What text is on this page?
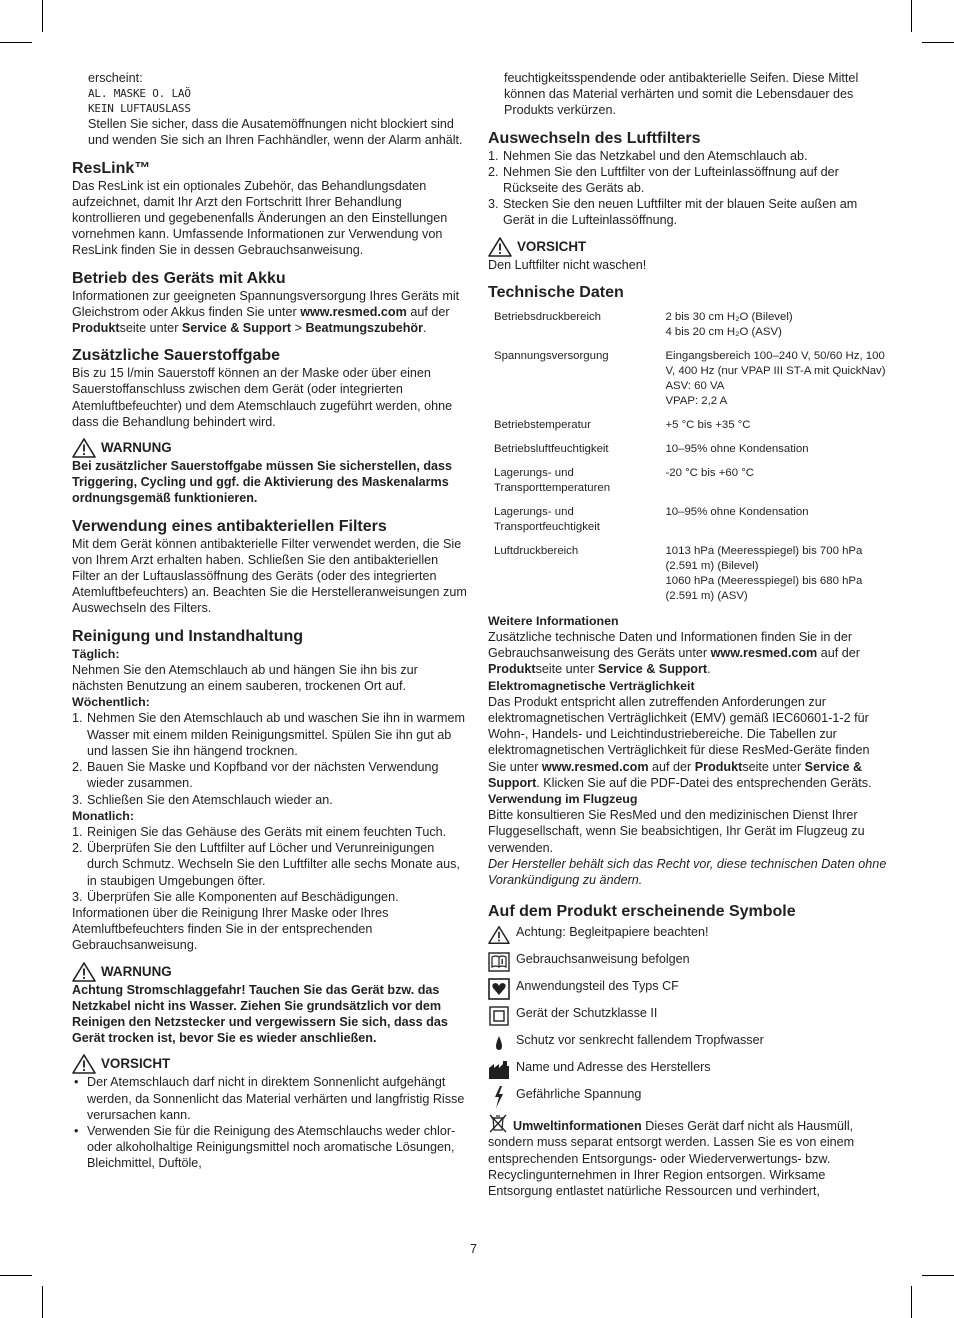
erscheint:

AL. MASKE O. LAÖ
KEIN LUFTAUSLASS

Stellen Sie sicher, dass die Ausatemöffnungen nicht blockiert sind und wenden Sie sich an Ihren Fachhändler, wenn der Alarm anhält.

ResLink™

Das ResLink ist ein optionales Zubehör, das Behandlungsdaten aufzeichnet, damit Ihr Arzt den Fortschritt Ihrer Behandlung kontrollieren und gegebenenfalls Änderungen an den Einstellungen vornehmen kann. Umfassende Informationen zur Verwendung von ResLink finden Sie in dessen Gebrauchsanweisung.

Betrieb des Geräts mit Akku

Informationen zur geeigneten Spannungsversorgung Ihres Geräts mit Gleichstrom oder Akkus finden Sie unter www.resmed.com auf der Produktseite unter Service & Support > Beatmungszubehör.

Zusätzliche Sauerstoffgabe

Bis zu 15 l/min Sauerstoff können an der Maske oder über einen Sauerstoffanschluss zwischen dem Gerät (oder integrierten Atemluftbefeuchter) und dem Atemschlauch zugeführt werden, ohne dass die Behandlung behindert wird.

WARNUNG

Bei zusätzlicher Sauerstoffgabe müssen Sie sicherstellen, dass Triggering, Cycling und ggf. die Aktivierung des Maskenalarms ordnungsgemäß funktionieren.

Verwendung eines antibakteriellen Filters

Mit dem Gerät können antibakterielle Filter verwendet werden, die Sie von Ihrem Arzt erhalten haben. Schließen Sie den antibakteriellen Filter an der Luftauslassöffnung des Geräts (oder des integrierten Atemluftbefeuchters) an. Beachten Sie die Herstelleranweisungen zum Auswechseln des Filters.

Reinigung und Instandhaltung
Täglich:

Nehmen Sie den Atemschlauch ab und hängen Sie ihn bis zur nächsten Benutzung an einem sauberen, trockenen Ort auf.

Wöchentlich:
1. Nehmen Sie den Atemschlauch ab und waschen Sie ihn in warmem Wasser mit einem milden Reinigungsmittel. Spülen Sie ihn gut ab und lassen Sie ihn hängend trocknen.
2. Bauen Sie Maske und Kopfband vor der nächsten Verwendung wieder zusammen.
3. Schließen Sie den Atemschlauch wieder an.
Monatlich:
1. Reinigen Sie das Gehäuse des Geräts mit einem feuchten Tuch.
2. Überprüfen Sie den Luftfilter auf Löcher und Verunreinigungen durch Schmutz. Wechseln Sie den Luftfilter alle sechs Monate aus, in staubigen Umgebungen öfter.
3. Überprüfen Sie alle Komponenten auf Beschädigungen.

Informationen über die Reinigung Ihrer Maske oder Ihres Atemluftbefeuchters finden Sie in der entsprechenden Gebrauchsanweisung.

WARNUNG

Achtung Stromschlaggefahr! Tauchen Sie das Gerät bzw. das Netzkabel nicht ins Wasser. Ziehen Sie grundsätzlich vor dem Reinigen den Netzstecker und vergewissern Sie sich, dass das Gerät trocken ist, bevor Sie es wieder anschließen.

VORSICHT
• Der Atemschlauch darf nicht in direktem Sonnenlicht aufgehängt werden, da Sonnenlicht das Material verhärten und langfristig Risse verursachen kann.
• Verwenden Sie für die Reinigung des Atemschlauchs weder chlor- oder alkoholhaltige Reinigungsmittel noch aromatische Lösungen, Bleichmittel, Duftöle,

feuchtigkeitsspendende oder antibakterielle Seifen. Diese Mittel können das Material verhärten und somit die Lebensdauer des Produkts verkürzen.

Auswechseln des Luftfilters
1. Nehmen Sie das Netzkabel und den Atemschlauch ab.
2. Nehmen Sie den Luftfilter von der Lufteinlassöffnung auf der Rückseite des Geräts ab.
3. Stecken Sie den neuen Luftfilter mit der blauen Seite außen am Gerät in die Lufteinlassöffnung.
VORSICHT

Den Luftfilter nicht waschen!

Technische Daten
Betriebsdruckbereich	2 bis 30 cm H₂O (Bilevel)
4 bis 20 cm H₂O (ASV)

Spannungsversorgung	Eingangsbereich 100–240 V, 50/60 Hz, 100 V, 400 Hz (nur VPAP III ST-A mit QuickNav)
ASV: 60 VA
VPAP: 2,2 A

Betriebstemperatur	+5 °C bis +35 °C

Betriebsluftfeuchtigkeit	10–95% ohne Kondensation

Lagerungs- und Transporttemperaturen	-20 °C bis +60 °C

Lagerungs- und Transportfeuchtigkeit	10–95% ohne Kondensation

Luftdruckbereich	1013 hPa (Meeresspiegel) bis 700 hPa (2.591 m) (Bilevel)
1060 hPa (Meeresspiegel) bis 680 hPa (2.591 m) (ASV)
Weitere Informationen

Zusätzliche technische Daten und Informationen finden Sie in der Gebrauchsanweisung des Geräts unter www.resmed.com auf der Produktseite unter Service & Support.

Elektromagnetische Verträglichkeit

Das Produkt entspricht allen zutreffenden Anforderungen zur elektromagnetischen Verträglichkeit (EMV) gemäß IEC60601-1-2 für Wohn-, Handels- und Leichtindustriebereiche. Die Tabellen zur elektromagnetischen Verträglichkeit für diese ResMed-Geräte finden Sie unter www.resmed.com auf der Produktseite unter Service & Support. Klicken Sie auf die PDF-Datei des entsprechenden Geräts.

Verwendung im Flugzeug

Bitte konsultieren Sie ResMed und den medizinischen Dienst Ihrer Fluggesellschaft, wenn Sie beabsichtigen, Ihr Gerät im Flugzeug zu verwenden.

Der Hersteller behält sich das Recht vor, diese technischen Daten ohne Vorankündigung zu ändern.

Auf dem Produkt erscheinende Symbole
Achtung: Begleitpapiere beachten!
Gebrauchsanweisung befolgen
Anwendungsteil des Typs CF
Gerät der Schutzklasse II
Schutz vor senkrecht fallendem Tropfwasser
Name und Adresse des Herstellers
Gefährliche Spannung

Umweltinformationen Dieses Gerät darf nicht als Hausmüll, sondern muss separat entsorgt werden. Lassen Sie es von einem entsprechenden Entsorgungs- oder Wiederverwertungs- bzw. Recyclingunternehmen in Ihrer Region entsorgen. Wirksame Entsorgung entlastet natürliche Ressourcen und verhindert,

7
